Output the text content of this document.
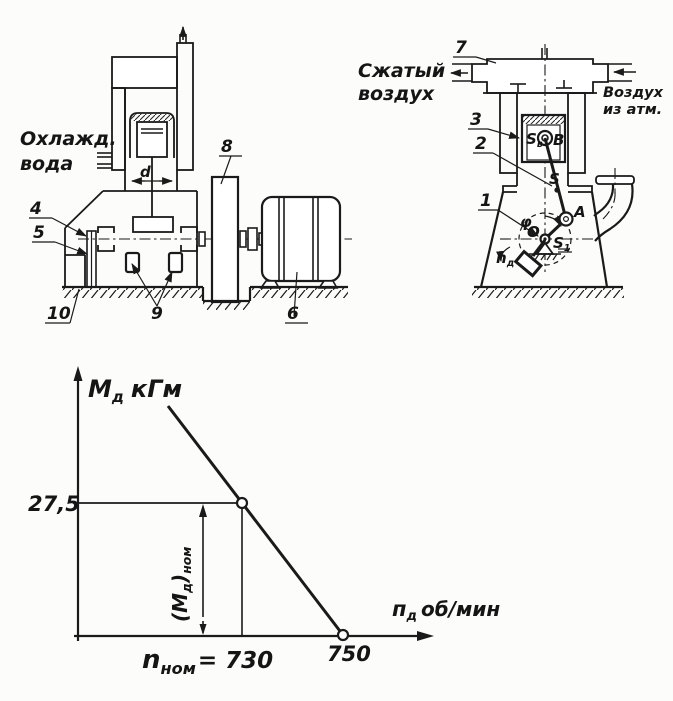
d
Охлажд.
вода
4
5
10	9
8
6
Сжатый
воздух	Воздух
из атм.
$S_в$ В
S
А
O
$S_1$
φ
$n_д$
7
3
2
1
$М_д$ кГм
27,5
$(М_д)_{ном}$
$n_{ном}= 730$	750
пд об/мин
